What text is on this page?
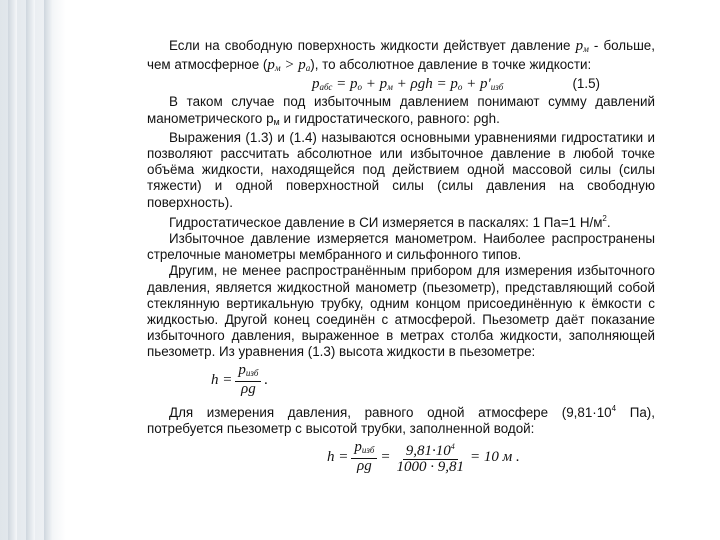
Если на свободную поверхность жидкости действует давление $р_м$ - больше, чем атмосферное $(р_м > р_а)$, то абсолютное давление в точке жидкости:

$р_{абс} = р_о + р_м + \rho gh = р_о + р'_{изб}$	(1.5)

В таком случае под избыточным давлением понимают сумму давлений манометрического $р_м$ и гидростатического, равного: ρgh.

Выражения (1.3) и (1.4) называются основными уравнениями гидростатики и позволяют рассчитать абсолютное или избыточное давление в любой точке объёма жидкости, находящейся под действием одной массовой силы (силы тяжести) и одной поверхностной силы (силы давления на свободную поверхность).

Гидростатическое давление в СИ измеряется в паскалях: 1 Па=1 $Н/м^2$.

Избыточное давление измеряется манометром. Наиболее распространены стрелочные манометры мембранного и сильфонного типов.

Другим, не менее распространённым прибором для измерения избыточного давления, является жидкостной манометр (пьезометр), представляющий собой стеклянную вертикальную трубку, одним концом присоединённую к ёмкости с жидкостью. Другой конец соединён с атмосферой. Пьезометр даёт показание избыточного давления, выраженное в метрах столба жидкости, заполняющей пьезометр. Из уравнения (1.3) высота жидкости в пьезометре:

$h = \frac{р_{изб}}{\rho g}$ .

Для измерения давления, равного одной атмосфере ($9,81\cdot 10^4$ Па), потребуется пьезометр с высотой трубки, заполненной водой:

$h = \frac{р_{изб}}{\rho g} = \frac{9,81\cdot 10^4}{1000 \cdot 9,81} = 10$ м .
